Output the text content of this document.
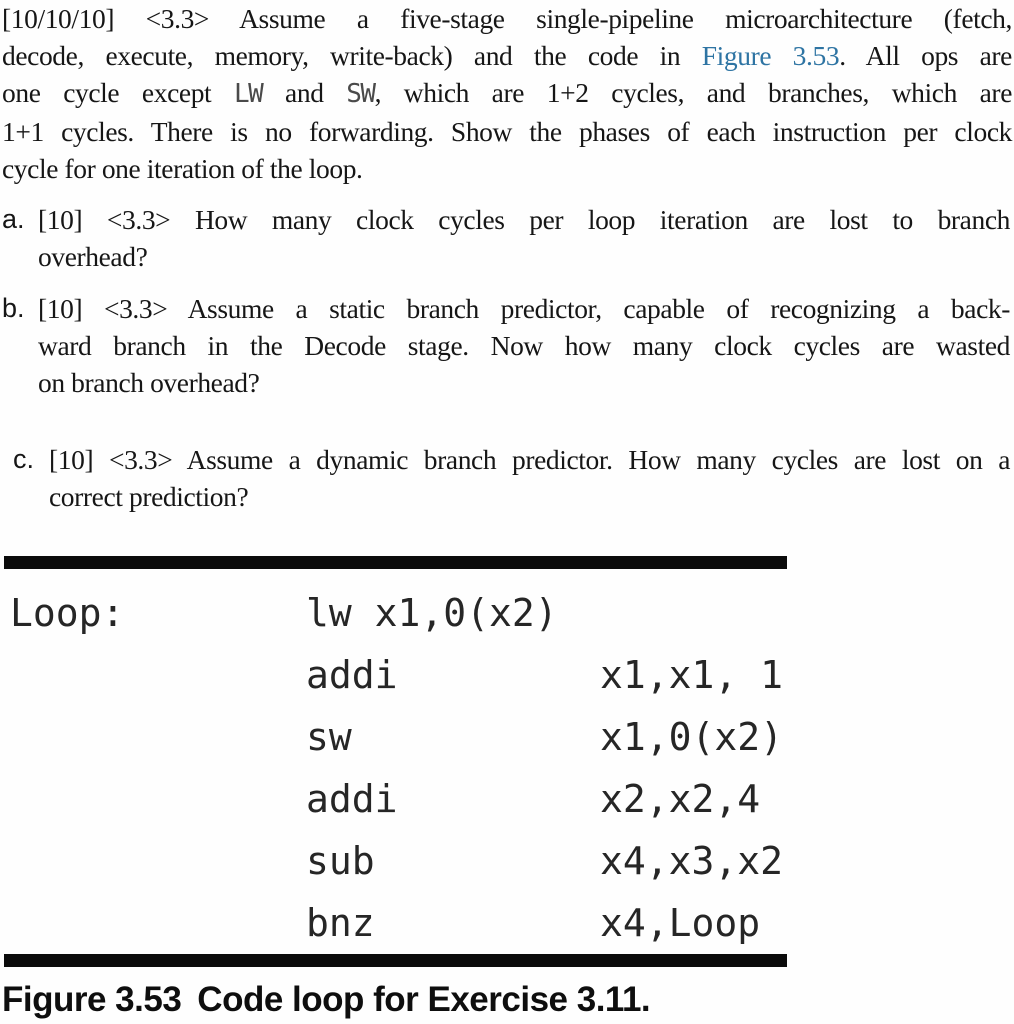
[10/10/10] <3.3> Assume a five-stage single-pipeline microarchitecture (fetch,
decode, execute, memory, write-back) and the code in Figure 3.53. All ops are
one cycle except LW and SW, which are 1+2 cycles, and branches, which are
1+1 cycles. There is no forwarding. Show the phases of each instruction per clock
cycle for one iteration of the loop.
a. [10] <3.3> How many clock cycles per loop iteration are lost to branch
overhead?
b. [10] <3.3> Assume a static branch predictor, capable of recognizing a back-
ward branch in the Decode stage. Now how many clock cycles are wasted
on branch overhead?
c. [10] <3.3> Assume a dynamic branch predictor. How many cycles are lost on a
correct prediction?
Loop:	lw x1,0(x2)
addi	x1,x1, 1
sw	x1,0(x2)
addi	x2,x2,4
sub	x4,x3,x2
bnz	x4,Loop
Figure 3.53 Code loop for Exercise 3.11.
